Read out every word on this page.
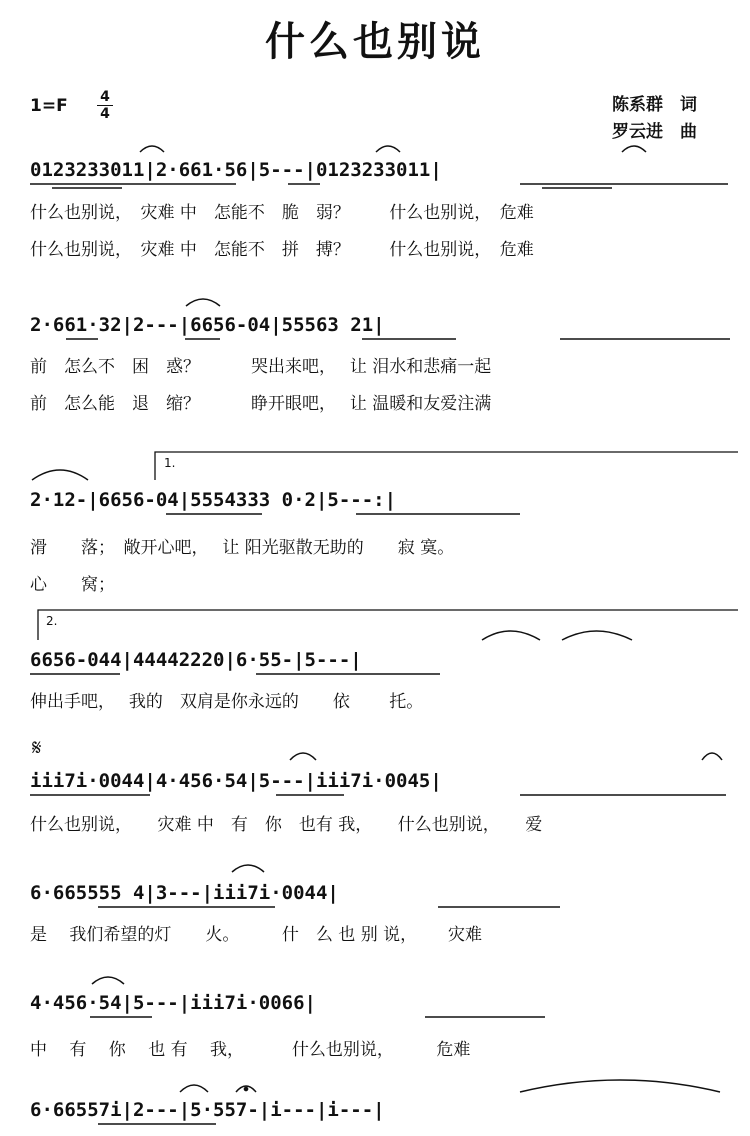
什么也别说
1=F	4
4	陈系群　词
罗云进　曲
0123233011|2·661·56|5---|0123233011|
什么也别说，　灾难 中　怎能不　脆　弱？　　 什么也别说，　危难
什么也别说，　灾难 中　怎能不　拼　搏？　　 什么也别说，　危难
2·661·32|2---|6656-04|55563 21|
前　怎么不　困　惑？　　　哭出来吧，　 让 泪水和悲痛一起
前　怎么能　退　缩？　　　睁开眼吧，　 让 温暖和友爱注满
2·12-|6656-04|5554333 0·2|5---:|
滑　　落；　敞开心吧，　 让 阳光驱散无助的　　寂 寞。
心　　窝；
6656-044|44442220|6·55-|5---|
伸出手吧，　 我的　双肩是你永远的　　依　　 托。
𝄋
iii7i·0044|4·456·54|5---|iii7i·0045|
什么也别说，　　灾难 中　有　你　也有 我，　　什么也别说，　　爱
6·665555 4|3---|iii7i·0044|
是　 我们希望的灯　　火。　　　什　么 也 别 说，　　 灾难
4·456·54|5---|iii7i·0066|
中　 有　 你　 也 有　 我，　　　 什么也别说，　　　危难
6·66557i|2---|5·557-|i---|i---|
1.
2.
